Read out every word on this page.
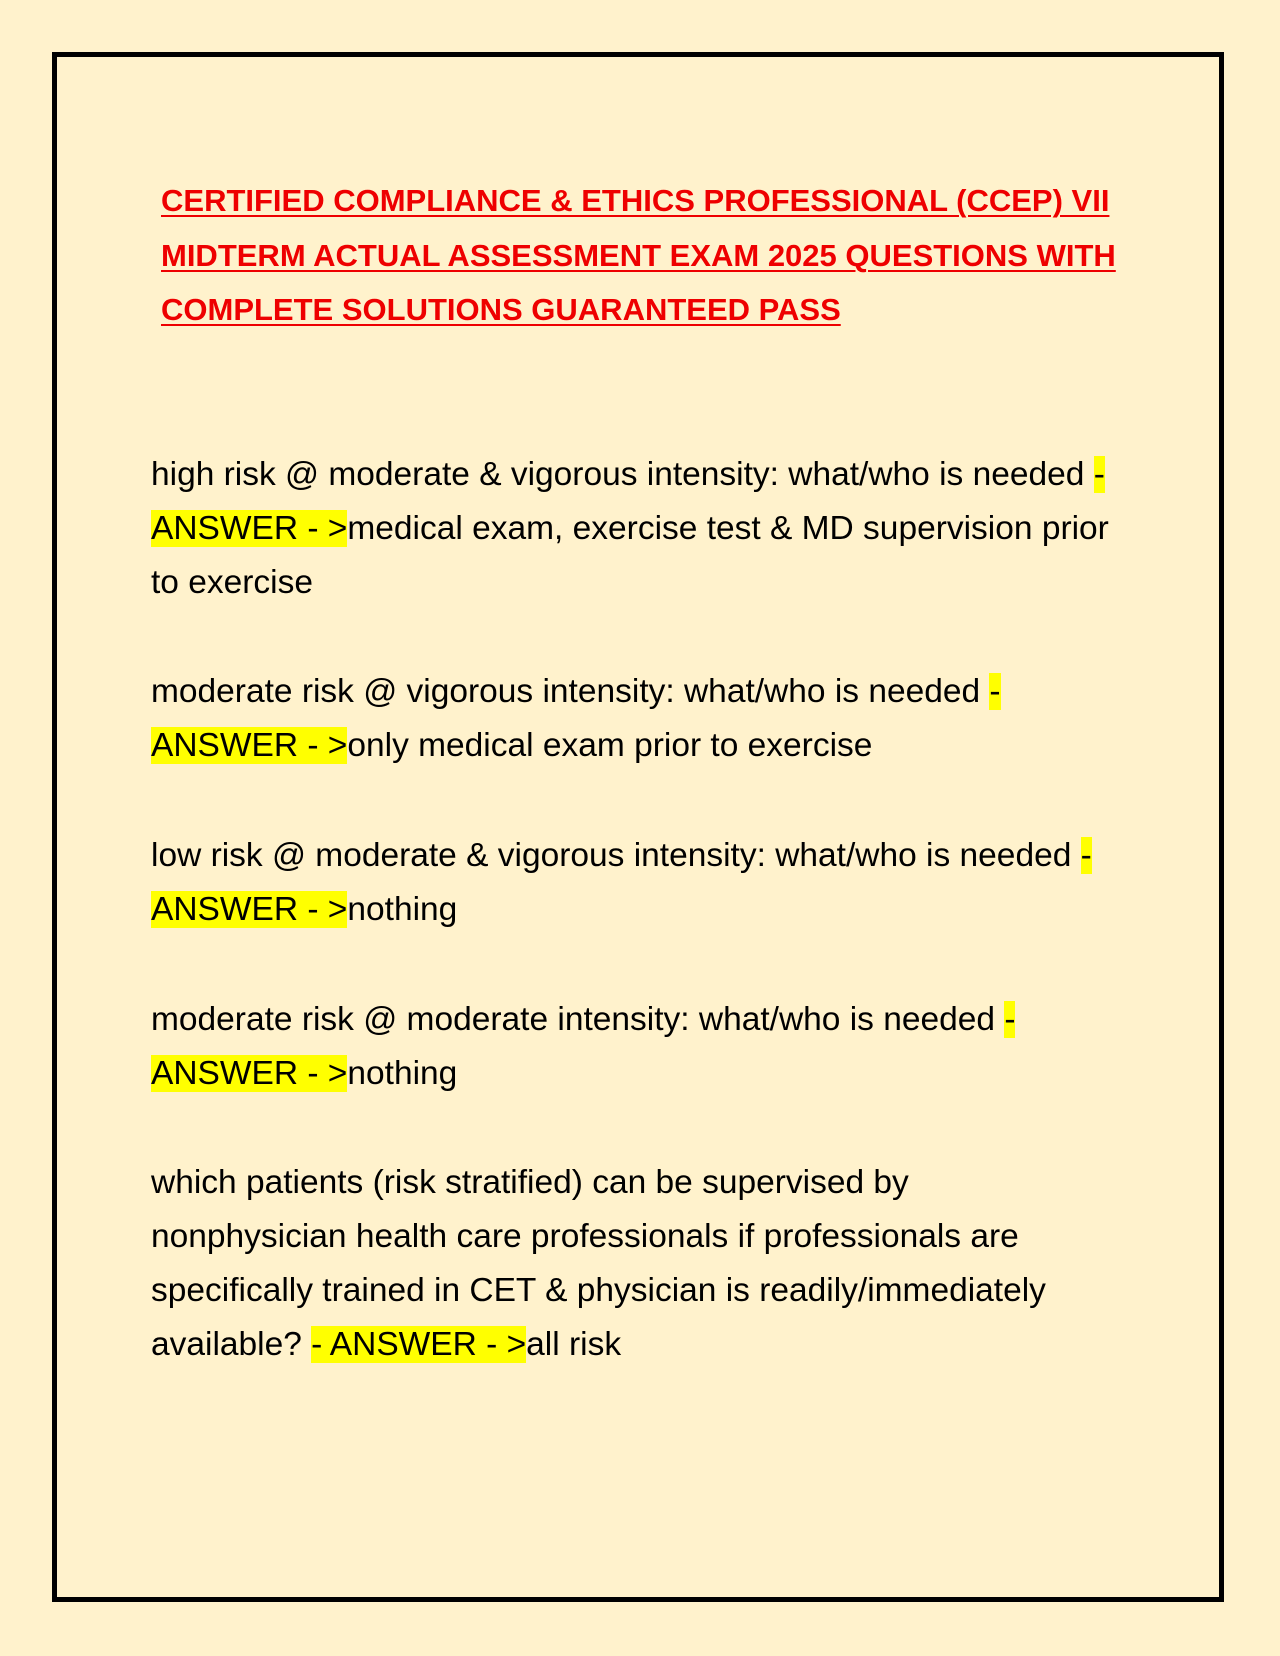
CERTIFIED COMPLIANCE & ETHICS PROFESSIONAL (CCEP) VII MIDTERM ACTUAL ASSESSMENT EXAM 2025 QUESTIONS WITH COMPLETE SOLUTIONS GUARANTEED PASS

high risk @ moderate & vigorous intensity: what/who is needed - ANSWER - >medical exam, exercise test & MD supervision prior to exercise

moderate risk @ vigorous intensity: what/who is needed - ANSWER - >only medical exam prior to exercise

low risk @ moderate & vigorous intensity: what/who is needed - ANSWER - >nothing

moderate risk @ moderate intensity: what/who is needed - ANSWER - >nothing

which patients (risk stratified) can be supervised by nonphysician health care professionals if professionals are specifically trained in CET & physician is readily/immediately available? - ANSWER - >all risk
